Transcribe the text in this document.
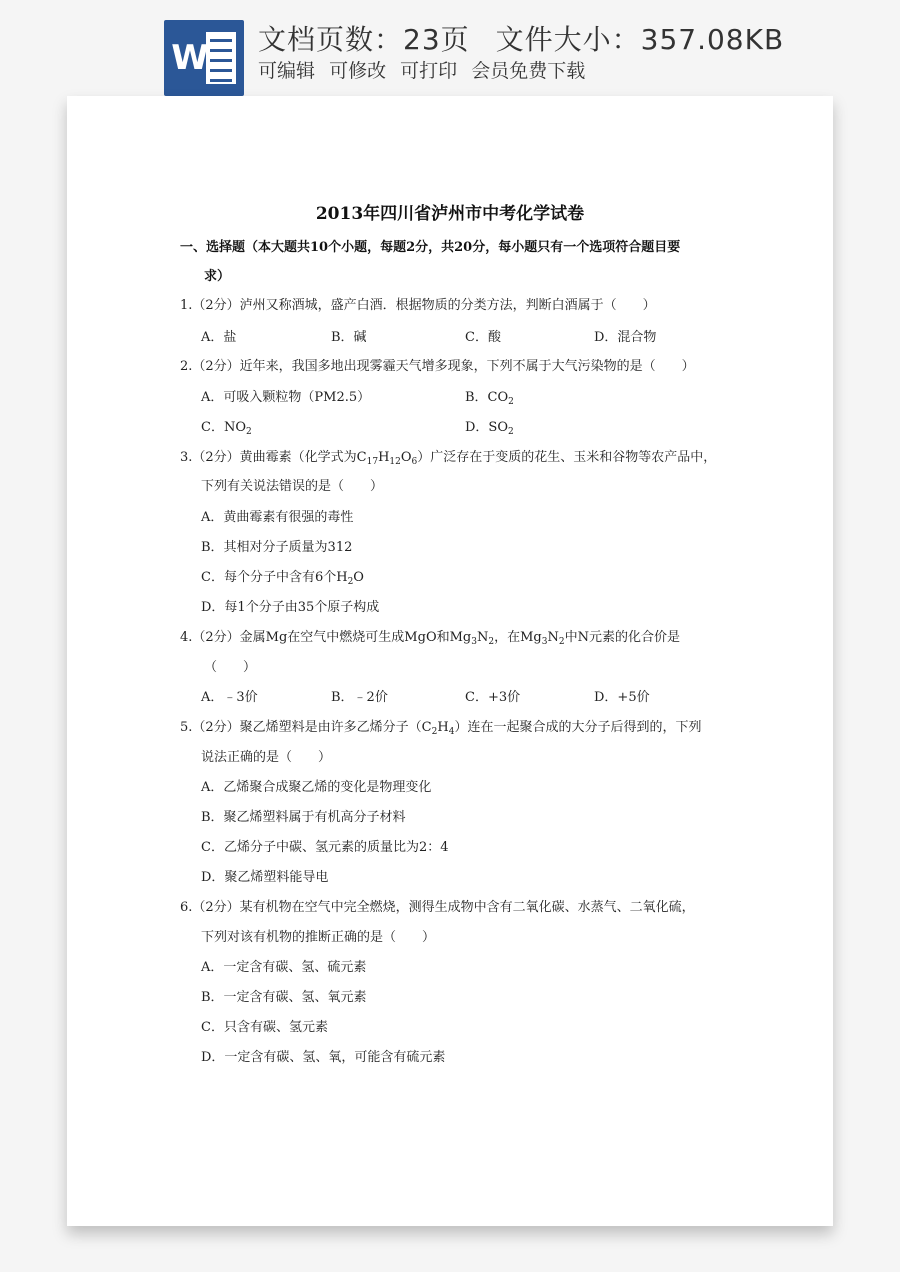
W 文档页数：23页 文件大小：357.08KB
可编辑 可修改 可打印 会员免费下载
2013年四川省泸州市中考化学试卷
一、选择题（本大题共10个小题，每题2分，共20分，每小题只有一个选项符合题目要
求）
1.（2分）泸州又称酒城，盛产白酒．根据物质的分类方法，判断白酒属于（　　）
A．盐	B．碱	C．酸	D．混合物
2.（2分）近年来，我国多地出现雾霾天气增多现象，下列不属于大气污染物的是（　　）
A．可吸入颗粒物（PM2.5）	B．$CO_2$
C．$NO_2$	D．$SO_2$
3.（2分）黄曲霉素（化学式为$C_{17}H_{12}O_6$）广泛存在于变质的花生、玉米和谷物等农产品中，
下列有关说法错误的是（　　）
A．黄曲霉素有很强的毒性
B．其相对分子质量为312
C．每个分子中含有6个$H_2O$
D．每1个分子由35个原子构成
4.（2分）金属Mg在空气中燃烧可生成MgO和$Mg_3N_2$，在$Mg_3N_2$中N元素的化合价是
（　　）
A．﹣3价	B．﹣2价	C．+3价	D．+5价
5.（2分）聚乙烯塑料是由许多乙烯分子$(C_2H_4)$连在一起聚合成的大分子后得到的，下列
说法正确的是（　　）
A．乙烯聚合成聚乙烯的变化是物理变化
B．聚乙烯塑料属于有机高分子材料
C．乙烯分子中碳、氢元素的质量比为2：4
D．聚乙烯塑料能导电
6.（2分）某有机物在空气中完全燃烧，测得生成物中含有二氧化碳、水蒸气、二氧化硫，
下列对该有机物的推断正确的是（　　）
A．一定含有碳、氢、硫元素
B．一定含有碳、氢、氧元素
C．只含有碳、氢元素
D．一定含有碳、氢、氧，可能含有硫元素
